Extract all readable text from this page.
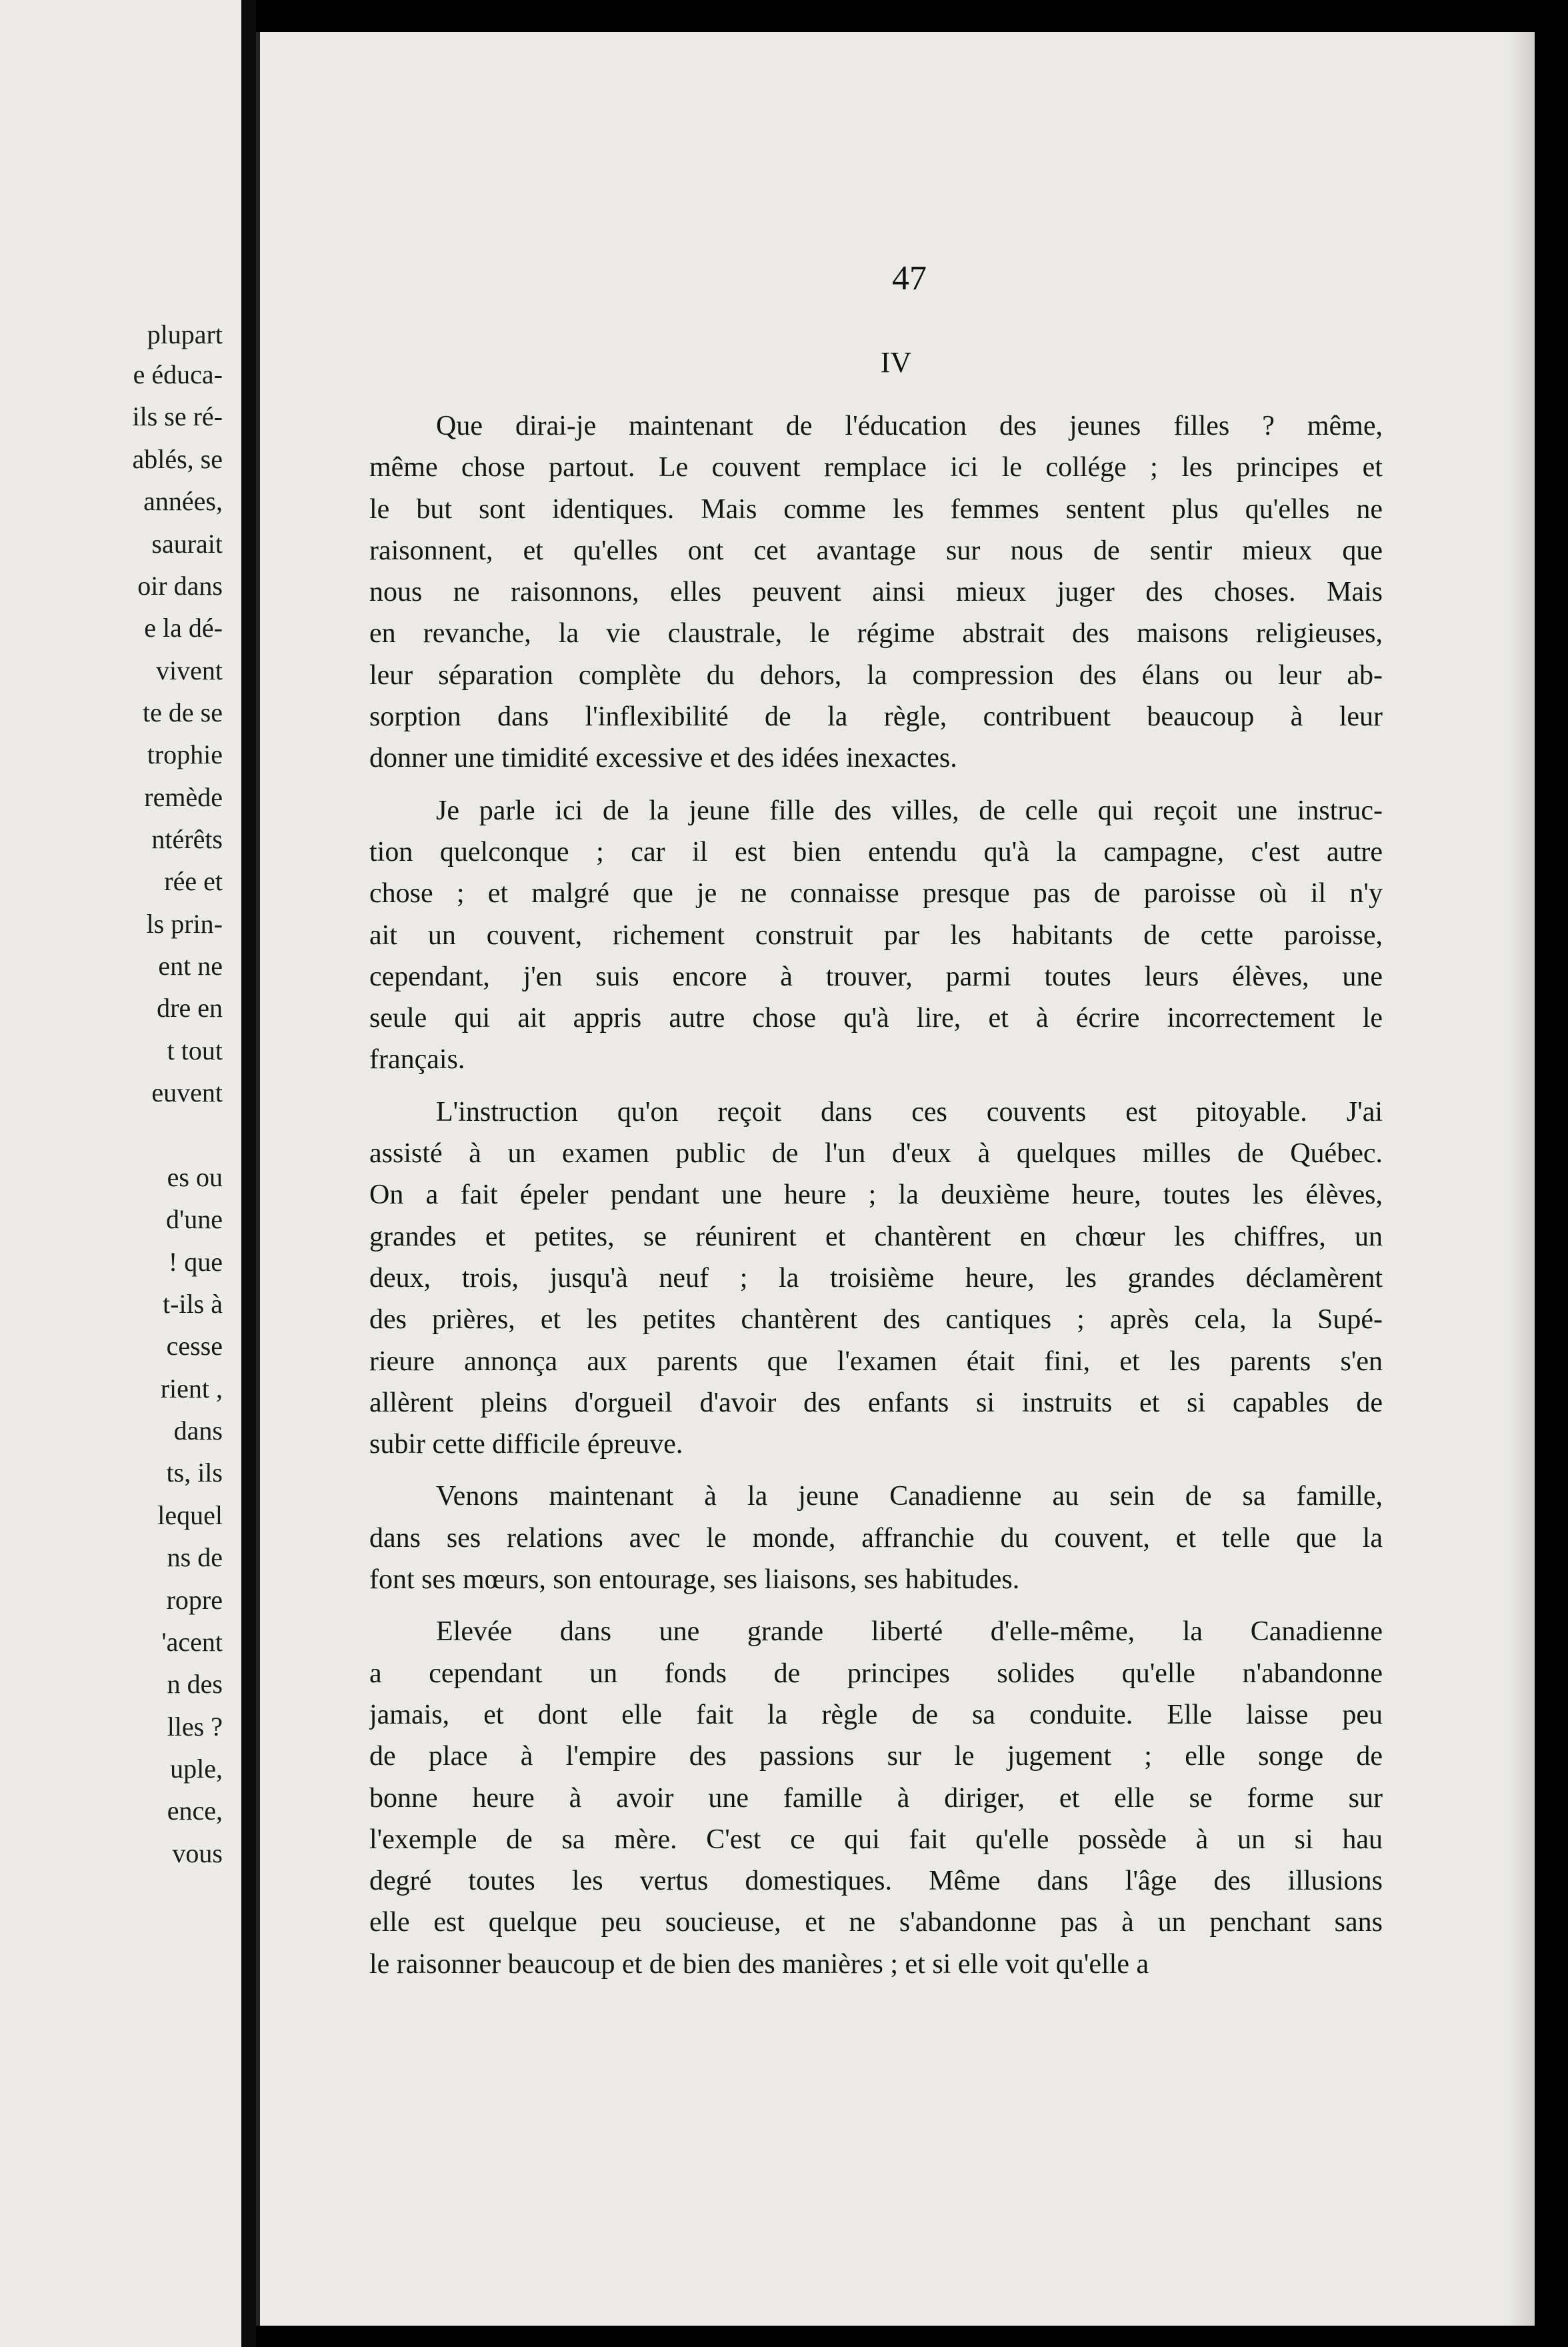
plupart
e éduca-
ils se ré-
ablés, se
années,
saurait
oir dans
e la dé-
vivent
te de se
trophie
remède
ntérêts
rée et
ls prin-
ent ne
dre en
t tout
euvent
es ou
d'une
! que
t-ils à
cesse
rient ,
dans
ts, ils
lequel
ns de
ropre
'acent
n des
lles ?
uple,
ence,
vous
47
IV
Que dirai-je maintenant de l'éducation des jeunes filles ? même,
même chose partout. Le couvent remplace ici le collége ; les principes et
le but sont identiques. Mais comme les femmes sentent plus qu'elles ne
raisonnent, et qu'elles ont cet avantage sur nous de sentir mieux que
nous ne raisonnons, elles peuvent ainsi mieux juger des choses. Mais
en revanche, la vie claustrale, le régime abstrait des maisons religieuses,
leur séparation complète du dehors, la compression des élans ou leur ab-
sorption dans l'inflexibilité de la règle, contribuent beaucoup à leur
donner une timidité excessive et des idées inexactes.
Je parle ici de la jeune fille des villes, de celle qui reçoit une instruc-
tion quelconque ; car il est bien entendu qu'à la campagne, c'est autre
chose ; et malgré que je ne connaisse presque pas de paroisse où il n'y
ait un couvent, richement construit par les habitants de cette paroisse,
cependant, j'en suis encore à trouver, parmi toutes leurs élèves, une
seule qui ait appris autre chose qu'à lire, et à écrire incorrectement le
français.
L'instruction qu'on reçoit dans ces couvents est pitoyable. J'ai
assisté à un examen public de l'un d'eux à quelques milles de Québec.
On a fait épeler pendant une heure ; la deuxième heure, toutes les élèves,
grandes et petites, se réunirent et chantèrent en chœur les chiffres, un
deux, trois, jusqu'à neuf ; la troisième heure, les grandes déclamèrent
des prières, et les petites chantèrent des cantiques ; après cela, la Supé-
rieure annonça aux parents que l'examen était fini, et les parents s'en
allèrent pleins d'orgueil d'avoir des enfants si instruits et si capables de
subir cette difficile épreuve.
Venons maintenant à la jeune Canadienne au sein de sa famille,
dans ses relations avec le monde, affranchie du couvent, et telle que la
font ses mœurs, son entourage, ses liaisons, ses habitudes.
Elevée dans une grande liberté d'elle-même, la Canadienne
a cependant un fonds de principes solides qu'elle n'abandonne
jamais, et dont elle fait la règle de sa conduite. Elle laisse peu
de place à l'empire des passions sur le jugement ; elle songe de
bonne heure à avoir une famille à diriger, et elle se forme sur
l'exemple de sa mère. C'est ce qui fait qu'elle possède à un si hau
degré toutes les vertus domestiques. Même dans l'âge des illusions
elle est quelque peu soucieuse, et ne s'abandonne pas à un penchant sans
le raisonner beaucoup et de bien des manières ; et si elle voit qu'elle a
